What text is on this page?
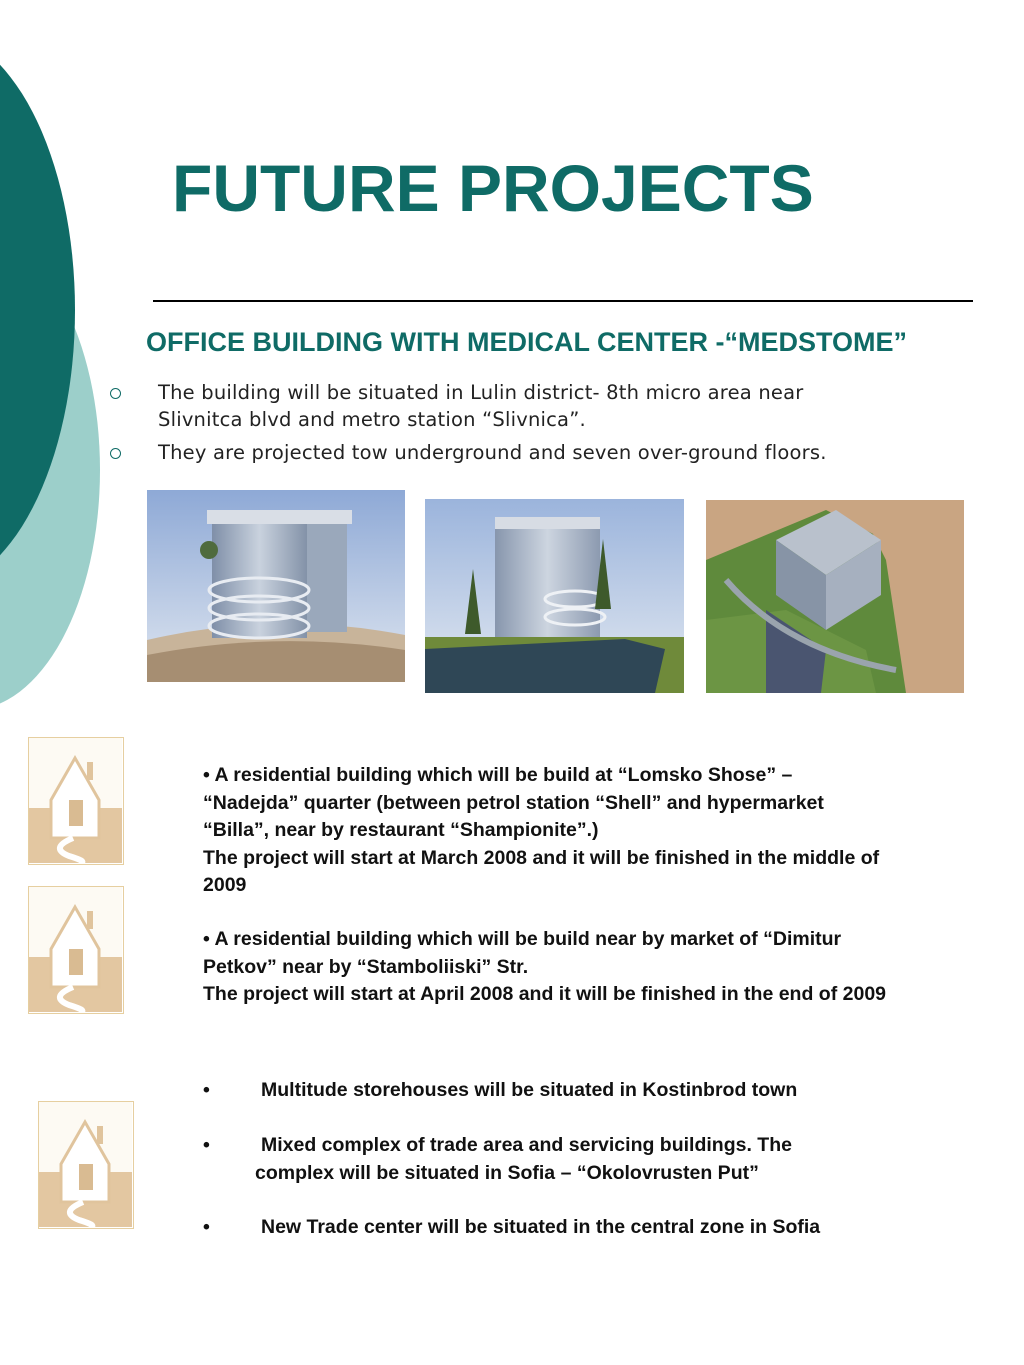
FUTURE PROJECTS
OFFICE BUILDING WITH MEDICAL CENTER -“MEDSTOME”
The building will be situated in Lulin district- 8th micro area near
Slivnitca blvd and metro station “Slivnica”.
They are projected tow underground and seven over-ground floors.

• A residential building which will be build at “Lomsko Shose” –

“Nadejda” quarter (between petrol station “Shell” and hypermarket

“Billa”, near by restaurant “Shampionite”.)

The project will start at March 2008 and it will be finished in the middle of

2009

• A residential building which will be build near by market of “Dimitur

Petkov” near by “Stamboliiski” Str.

The project will start at April 2008 and it will be finished in the end of 2009

•	Multitude storehouses will be situated in Kostinbrod town
•	Mixed complex of trade area and servicing buildings. The
complex will be situated in Sofia – “Okolovrusten Put”
•	New Trade center will be situated in the central zone in Sofia
